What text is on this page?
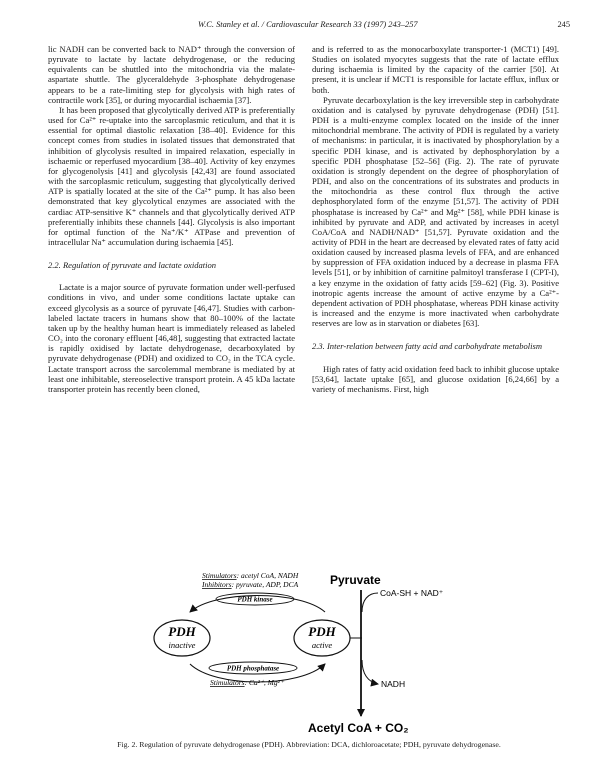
W.C. Stanley et al. / Cardiovascular Research 33 (1997) 243–257	245

lic NADH can be converted back to NAD⁺ through the conversion of pyruvate to lactate by lactate dehydrogenase, or the reducing equivalents can be shuttled into the mitochondria via the malate-aspartate shuttle. The glyceraldehyde 3-phosphate dehydrogenase appears to be a rate-limiting step for glycolysis with high rates of contractile work [35], or during myocardial ischaemia [37].

It has been proposed that glycolytically derived ATP is preferentially used for Ca²⁺ re-uptake into the sarcoplasmic reticulum, and that it is essential for optimal diastolic relaxation [38–40]. Evidence for this concept comes from studies in isolated tissues that demonstrated that inhibition of glycolysis resulted in impaired relaxation, especially in ischaemic or reperfused myocardium [38–40]. Activity of key enzymes for glycogenolysis [41] and glycolysis [42,43] are found associated with the sarcoplasmic reticulum, suggesting that glycolytically derived ATP is spatially located at the site of the Ca²⁺ pump. It has also been demonstrated that key glycolytical enzymes are associated with the cardiac ATP-sensitive K⁺ channels and that glycolytically derived ATP preferentially inhibits these channels [44]. Glycolysis is also important for optimal function of the Na⁺/K⁺ ATPase and prevention of intracellular Na⁺ accumulation during ischaemia [45].

2.2. Regulation of pyruvate and lactate oxidation

Lactate is a major source of pyruvate formation under well-perfused conditions in vivo, and under some conditions lactate uptake can exceed glycolysis as a source of pyruvate [46,47]. Studies with carbon-labeled lactate tracers in humans show that 80–100% of the lactate taken up by the healthy human heart is immediately released as labeled CO₂ into the coronary effluent [46,48], suggesting that extracted lactate is rapidly oxidised by lactate dehydrogenase, decarboxylated by pyruvate dehydrogenase (PDH) and oxidized to CO₂ in the TCA cycle. Lactate transport across the sarcolemmal membrane is mediated by at least one inhibitable, stereoselective transport protein. A 45 kDa lactate transporter protein has recently been cloned,

and is referred to as the monocarboxylate transporter-1 (MCT1) [49]. Studies on isolated myocytes suggests that the rate of lactate efflux during ischaemia is limited by the capacity of the carrier [50]. At present, it is unclear if MCT1 is responsible for lactate efflux, influx or both.

Pyruvate decarboxylation is the key irreversible step in carbohydrate oxidation and is catalysed by pyruvate dehydrogenase (PDH) [51]. PDH is a multi-enzyme complex located on the inside of the inner mitochondrial membrane. The activity of PDH is regulated by a variety of mechanisms: in particular, it is inactivated by phosphorylation by a specific PDH kinase, and is activated by dephosphorylation by a specific PDH phosphatase [52–56] (Fig. 2). The rate of pyruvate oxidation is strongly dependent on the degree of phosphorylation of PDH, and also on the concentrations of its substrates and products in the mitochondria as these control flux through the active dephosphorylated form of the enzyme [51,57]. The activity of PDH phosphatase is increased by Ca²⁺ and Mg²⁺ [58], while PDH kinase is inhibited by pyruvate and ADP, and activated by increases in acetyl CoA/CoA and NADH/NAD⁺ [51,57]. Pyruvate oxidation and the activity of PDH in the heart are decreased by elevated rates of fatty acid oxidation caused by increased plasma levels of FFA, and are enhanced by suppression of FFA oxidation induced by a decrease in plasma FFA levels [51], or by inhibition of carnitine palmitoyl transferase I (CPT-I), a key enzyme in the oxidation of fatty acids [59–62] (Fig. 3). Positive inotropic agents increase the amount of active enzyme by a Ca²⁺-dependent activation of PDH phosphatase, whereas PDH kinase activity is increased and the enzyme is more inactivated when carbohydrate reserves are low as in starvation or diabetes [63].

2.3. Inter-relation between fatty acid and carbohydrate metabolism

High rates of fatty acid oxidation feed back to inhibit glucose uptake [53,64], lactate uptake [65], and glucose oxidation [6,24,66] by a variety of mechanisms. First, high

Stimulators: acetyl CoA, NADH
Inhibitors: pyruvate, ADP, DCA
PDH kinase
PDH
inactive
PDH
active
PDH phosphatase
Stimulators: Ca²⁺, Mg²⁺
Pyruvate
CoA-SH + NAD⁺
NADH
Acetyl CoA + CO₂
Fig. 2. Regulation of pyruvate dehydrogenase (PDH). Abbreviation: DCA, dichloroacetate; PDH, pyruvate dehydrogenase.
